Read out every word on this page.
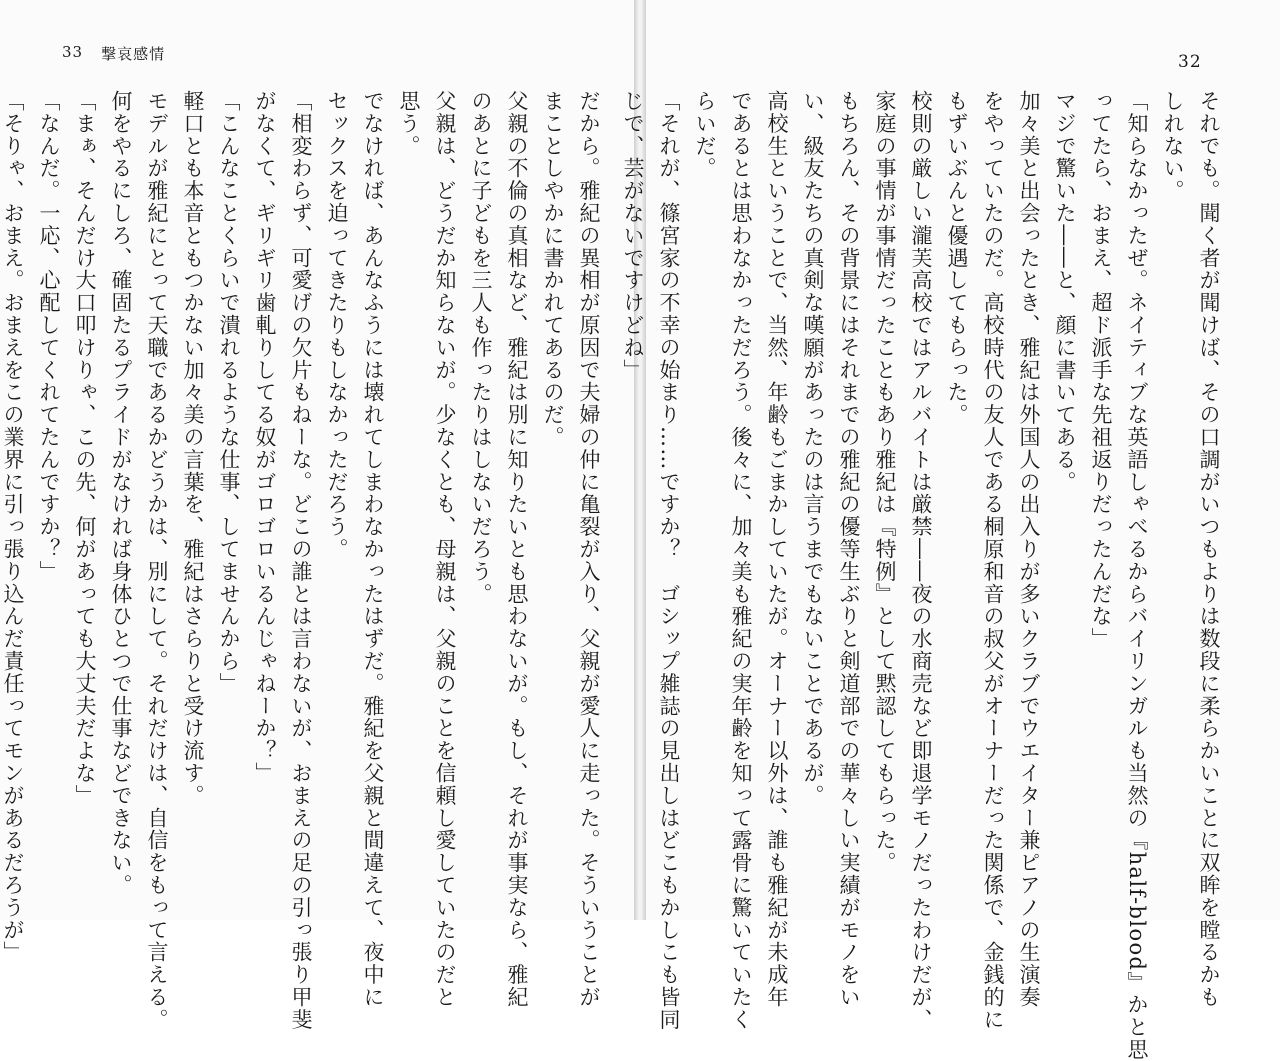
33 撃哀感情	32
それでも。聞く者が聞けば、その口調がいつもよりは数段に柔らかいことに双眸を瞠るかも
しれない。
「知らなかったぜ。ネイティブな英語しゃべるからバイリンガルも当然の『half-blood』かと思
ってたら、おまえ、超ド派手な先祖返りだったんだな」
マジで驚いた――と、顔に書いてある。
加々美と出会ったとき、雅紀は外国人の出入りが多いクラブでウエイター兼ピアノの生演奏
をやっていたのだ。高校時代の友人である桐原和音の叔父がオーナーだった関係で、金銭的に
もずいぶんと優遇してもらった。
校則の厳しい瀧芙高校ではアルバイトは厳禁――夜の水商売など即退学モノだったわけだが、
家庭の事情が事情だったこともあり雅紀は『特例』として黙認してもらった。
もちろん、その背景にはそれまでの雅紀の優等生ぶりと剣道部での華々しい実績がモノをい
い、級友たちの真剣な嘆願があったのは言うまでもないことであるが。
高校生ということで、当然、年齢もごまかしていたが。オーナー以外は、誰も雅紀が未成年
であるとは思わなかっただろう。後々に、加々美も雅紀の実年齢を知って露骨に驚いていたく
らいだ。
「それが、篠宮家の不幸の始まり……ですか？　ゴシップ雑誌の見出しはどこもかしこも皆同
じで、芸がないですけどね」
だから。雅紀の異相が原因で夫婦の仲に亀裂が入り、父親が愛人に走った。そういうことが
まことしやかに書かれてあるのだ。
父親の不倫の真相など、雅紀は別に知りたいとも思わないが。もし、それが事実なら、雅紀
のあとに子どもを三人も作ったりはしないだろう。
父親は、どうだか知らないが。少なくとも、母親は、父親のことを信頼し愛していたのだと
思う。
でなければ、あんなふうには壊れてしまわなかったはずだ。雅紀を父親と間違えて、夜中に
セックスを迫ってきたりもしなかっただろう。
「相変わらず、可愛げの欠片もねーな。どこの誰とは言わないが、おまえの足の引っ張り甲斐
がなくて、ギリギリ歯軋りしてる奴がゴロゴロいるんじゃねーか？」
「こんなことくらいで潰れるような仕事、してませんから」
軽口とも本音ともつかない加々美の言葉を、雅紀はさらりと受け流す。
モデルが雅紀にとって天職であるかどうかは、別にして。それだけは、自信をもって言える。
何をやるにしろ、確固たるプライドがなければ身体ひとつで仕事などできない。
「まぁ、そんだけ大口叩けりゃ、この先、何があっても大丈夫だよな」
「なんだ。一応、心配してくれてたんですか？」
「そりゃ、おまえ。おまえをこの業界に引っ張り込んだ責任ってモンがあるだろうが」
